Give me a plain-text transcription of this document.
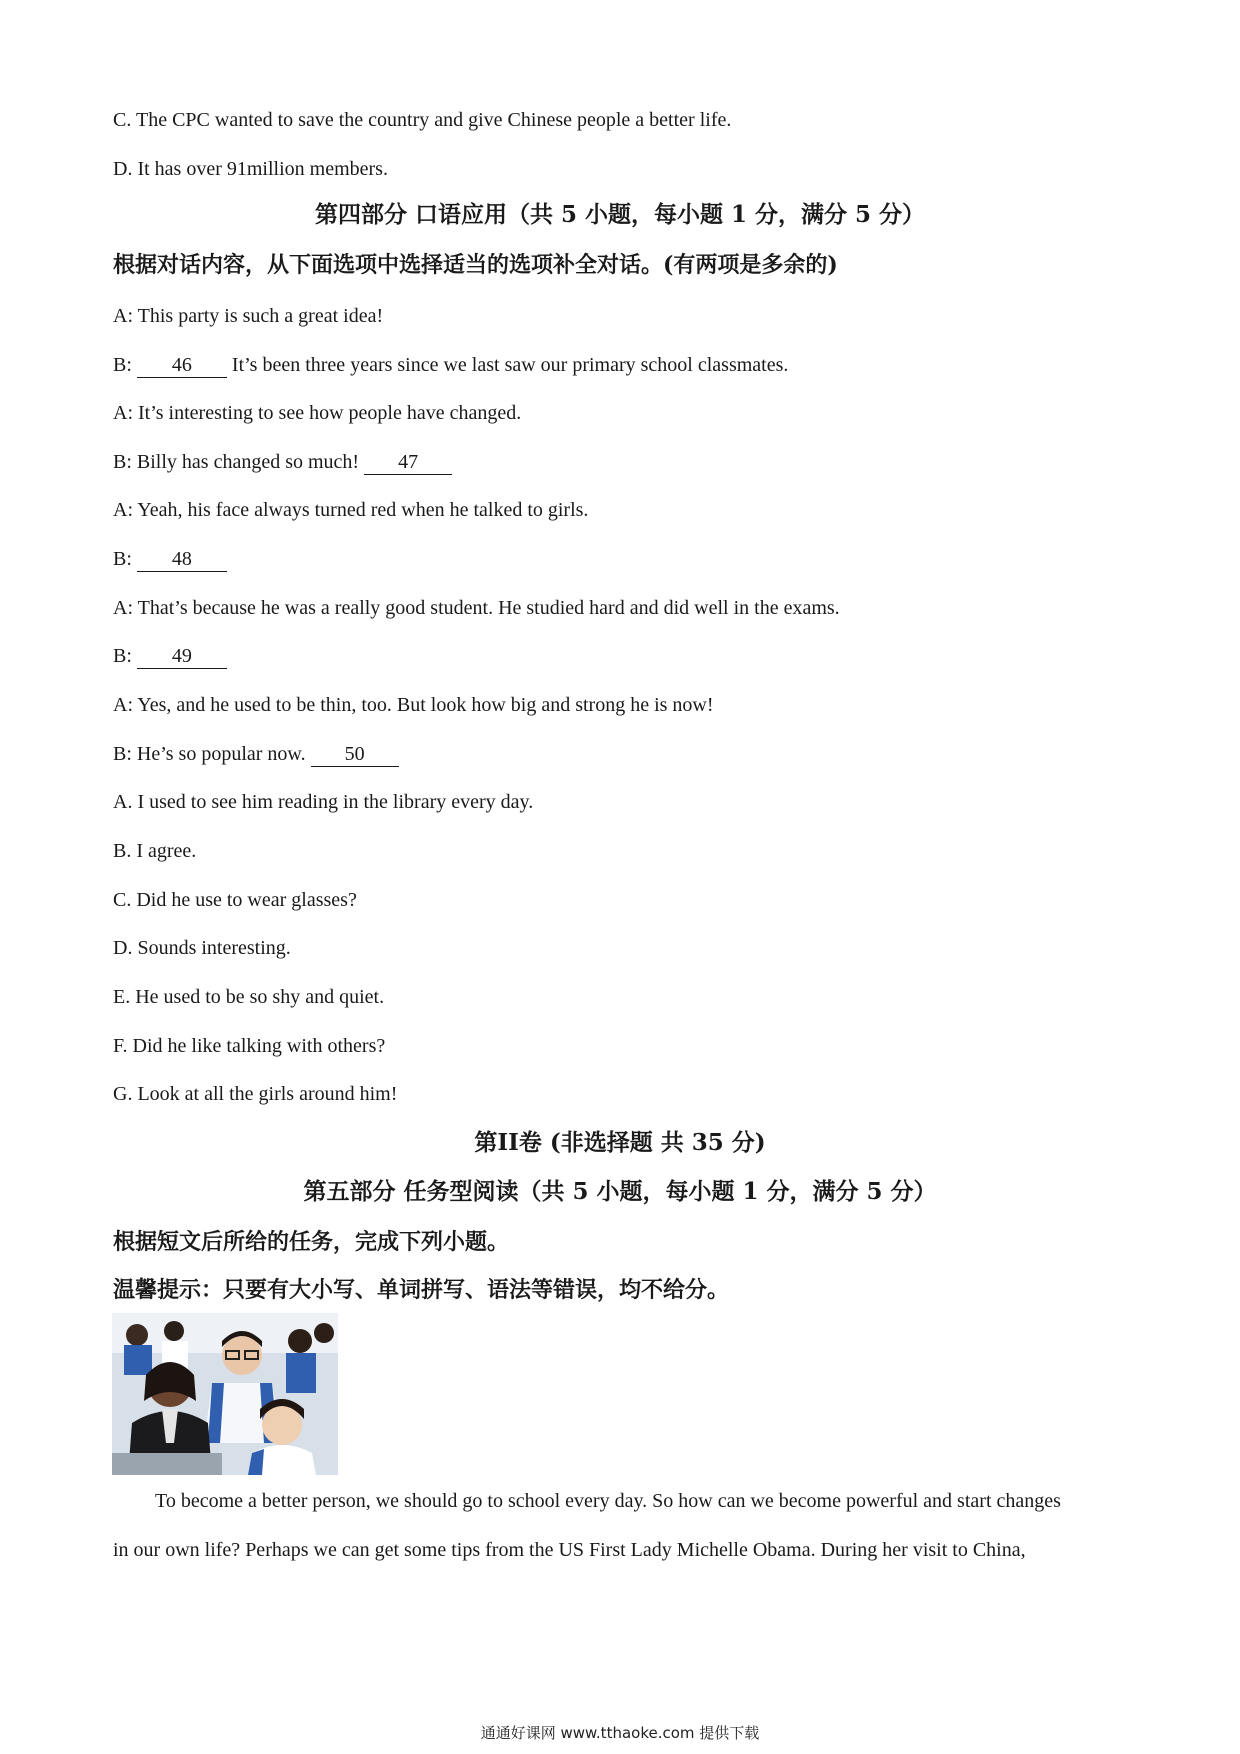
C. The CPC wanted to save the country and give Chinese people a better life.
D. It has over 91million members.
第四部分 口语应用（共 5 小题，每小题 1 分，满分 5 分）
根据对话内容，从下面选项中选择适当的选项补全对话。(有两项是多余的)
A: This party is such a great idea!
B: 46 It’s been three years since we last saw our primary school classmates.
A: It’s interesting to see how people have changed.
B: Billy has changed so much! 47
A: Yeah, his face always turned red when he talked to girls.
B: 48
A: That’s because he was a really good student. He studied hard and did well in the exams.
B: 49
A: Yes, and he used to be thin, too. But look how big and strong he is now!
B: He’s so popular now. 50
A. I used to see him reading in the library every day.
B. I agree.
C. Did he use to wear glasses?
D. Sounds interesting.
E. He used to be so shy and quiet.
F. Did he like talking with others?
G. Look at all the girls around him!
第II卷 (非选择题 共 35 分)
第五部分 任务型阅读（共 5 小题，每小题 1 分，满分 5 分）
根据短文后所给的任务，完成下列小题。
温馨提示：只要有大小写、单词拼写、语法等错误，均不给分。
To become a better person, we should go to school every day. So how can we become powerful and start changes
in our own life? Perhaps we can get some tips from the US First Lady Michelle Obama. During her visit to China,
通通好课网 www.tthaoke.com 提供下载
